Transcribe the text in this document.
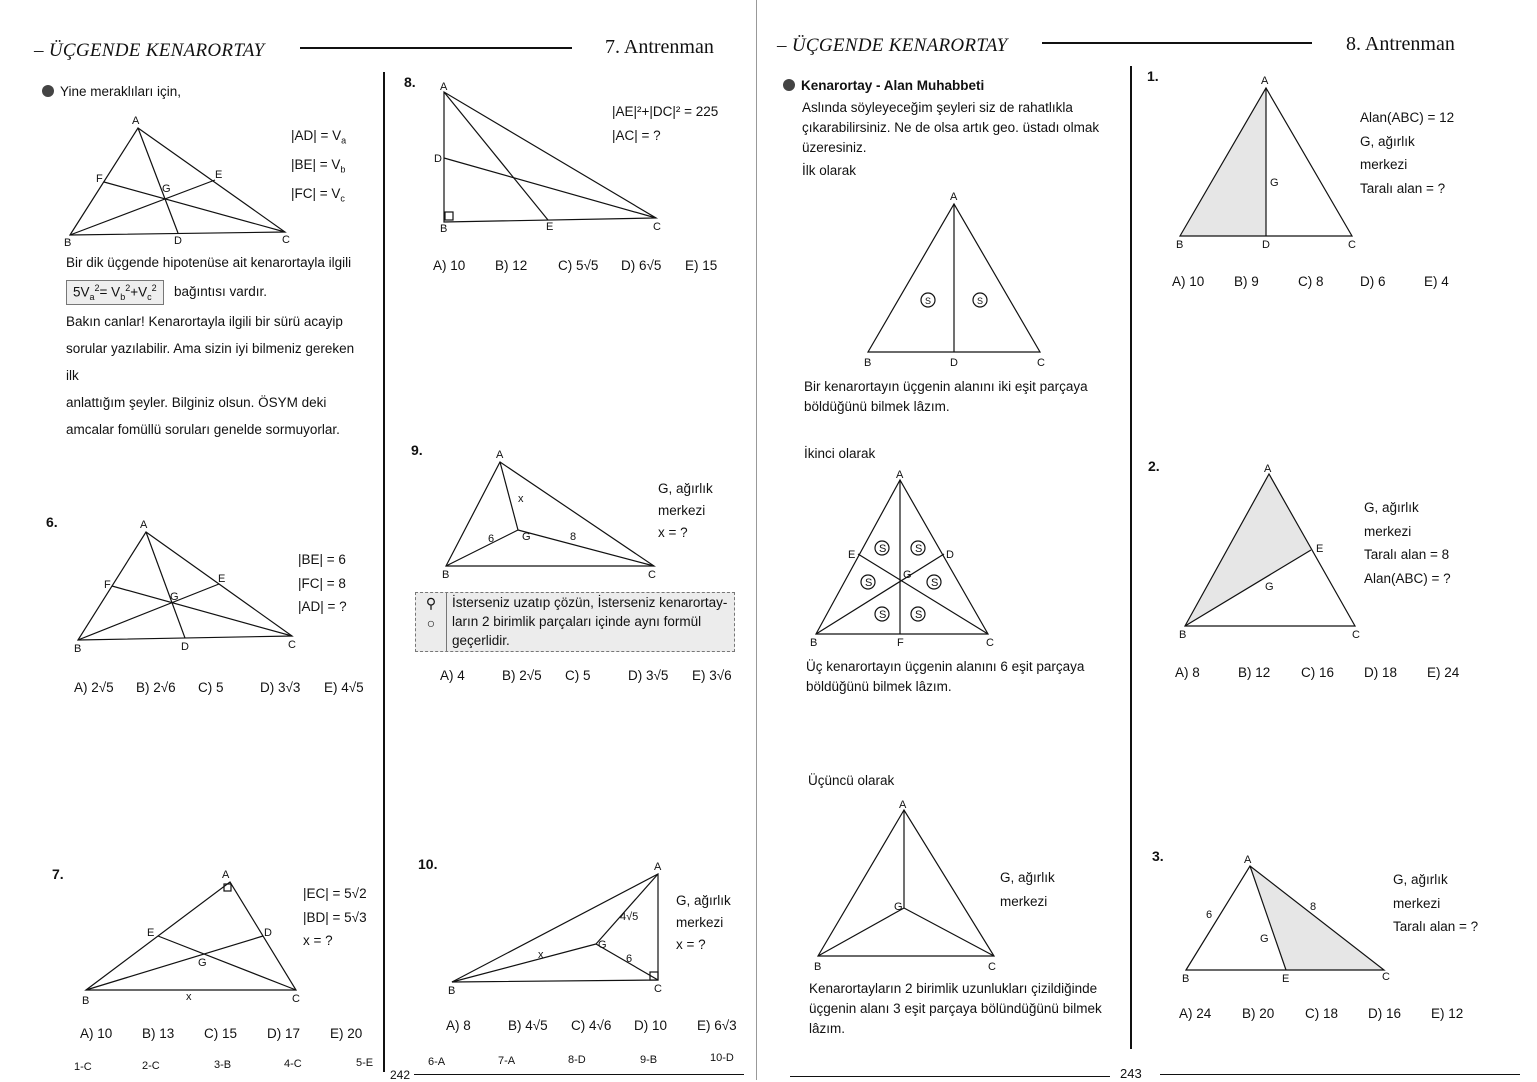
– ÜÇGENDE KENARORTAY	7. Antrenman
Yine meraklıları için,
A
B	C
D
E
F
G
$|AD| = V_a$
$|BE| = V_b$
$|FC| = V_c$
Bir dik üçgende hipotenüse ait kenarortayla ilgili
$5V_a^2= V_b^2+V_c^2$	bağıntısı vardır.
Bakın canlar! Kenarortayla ilgili bir sürü acayip
sorular yazılabilir. Ama sizin iyi bilmeniz gereken ilk
anlattığım şeyler. Bilginiz olsun. ÖSYM deki
amcalar fomüllü soruları genelde sormuyorlar.
6.	A
B	C
D
E
F
G
|BE| = 6
|FC| = 8
|AD| = ?
A) 2√5 B) 2√6 C) 5	D) 3√3 E) 4√5
7.	A
B	C
D
E
G
x
|EC| = 5√2
|BD| = 5√3
x = ?
A) 10 B) 13 C) 15 D) 17 E) 20
8. A
B	C
D
E
|AE|²+|DC|² = 225
|AC| = ?
A) 10 B) 12 C) 5√5 D) 6√5 E) 15
9.	A
B	C
G
x
6	8
G, ağırlık
merkezi
x = ?
⚲
○
İsterseniz uzatıp çözün, İsterseniz kenarortay-
ların 2 birimlik parçaları içinde aynı formül
geçerlidir.
A) 4	B) 2√5 C) 5	D) 3√5 E) 3√6
10.	A
B	C
G
x
4√5
6
G, ağırlık
merkezi
x = ?
A) 8	B) 4√5 C) 4√6 D) 10 E) 6√3
1-C	2-C	3-B	4-C	5-E	6-A	7-A	8-D	9-B	10-D
242
– ÜÇGENDE KENARORTAY	8. Antrenman
Kenarortay - Alan Muhabbeti
Aslında söyleyeceğim şeyleri siz de rahatlıkla
çıkarabilirsiniz. Ne de olsa artık geo. üstadı olmak
üzeresiniz.
İlk olarak
S	S
A
B	D	C
Bir kenarortayın üçgenin alanını iki eşit parçaya
böldüğünü bilmek lâzım.
İkinci olarak
S	S
S	S
S	S
A
B	F	C
E	D
G
Üç kenarortayın üçgenin alanını 6 eşit parçaya
böldüğünü bilmek lâzım.
Üçüncü olarak
A
B	C
G
G, ağırlık
merkezi
Kenarortayların 2 birimlik uzunlukları çizildiğinde
üçgenin alanı 3 eşit parçaya bölündüğünü bilmek
lâzım.
243
1.	A
B	D	C
G
Alan(ABC) = 12
G, ağırlık
merkezi
Taralı alan = ?
A) 10 B) 9	C) 8	D) 6	E) 4
2.	A
B	C
E
G
G, ağırlık
merkezi
Taralı alan = 8
Alan(ABC) = ?
A) 8	B) 12 C) 16 D) 18 E) 24
3.	A
B	C
E
G
6
8
G, ağırlık
merkezi
Taralı alan = ?
A) 24 B) 20 C) 18 D) 16 E) 12
